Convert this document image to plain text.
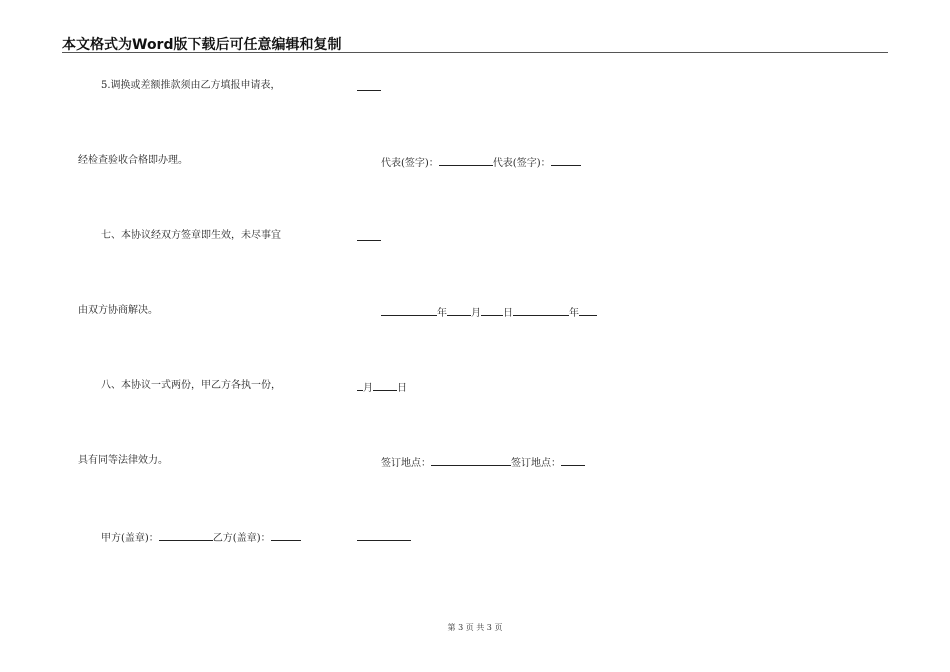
本文格式为Word版下载后可任意编辑和复制
5.调换或差额推款须由乙方填报申请表，
经检查验收合格即办理。
七、本协议经双方签章即生效，未尽事宜
由双方协商解决。
八、本协议一式两份，甲乙方各执一份，
具有同等法律效力。
甲方(盖章)：	乙方(盖章)：
代表(签字)：	代表(签字)：
年 月 日	年
月 日
签订地点：	签订地点：
第 3 页 共 3 页
